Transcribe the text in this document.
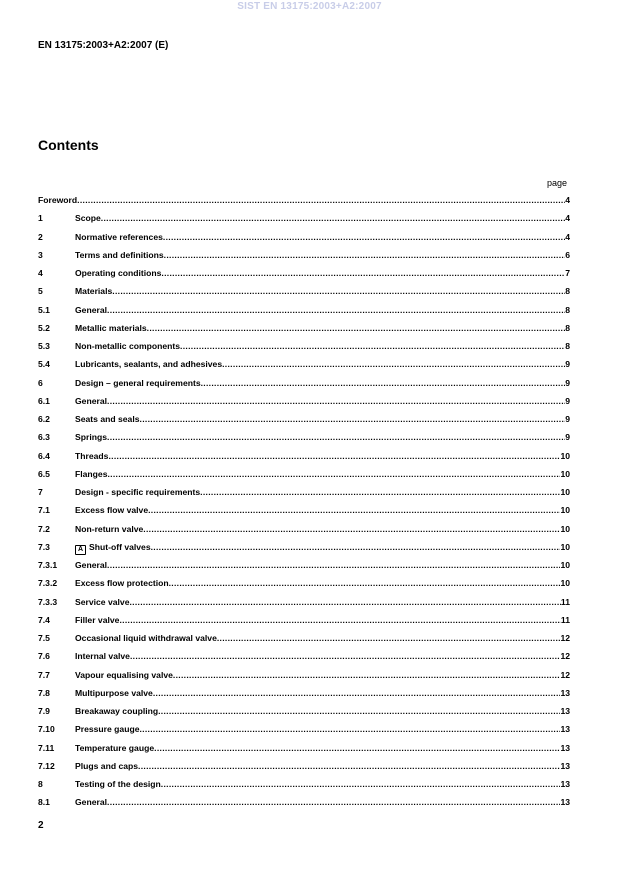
SIST EN 13175:2003+A2:2007
EN 13175:2003+A2:2007 (E)
Contents
page
Foreword .....	4
1	Scope .....	4
2	Normative references .....	4
3	Terms and definitions .....	6
4	Operating conditions .....	7
5	Materials .....	8
5.1	General .....	8
5.2	Metallic materials .....	8
5.3	Non-metallic components .....	8
5.4	Lubricants, sealants, and adhesives .....	9
6	Design – general requirements .....	9
6.1	General .....	9
6.2	Seats and seals .....	9
6.3	Springs .....	9
6.4	Threads .....	10
6.5	Flanges .....	10
7	Design - specific requirements .....	10
7.1	Excess flow valve .....	10
7.2	Non-return valve .....	10
7.3	A Shut-off valves .....	10
7.3.1 General .....	10
7.3.2 Excess flow protection .....	10
7.3.3 Service valve .....	11
7.4	Filler valve .....	11
7.5	Occasional liquid withdrawal valve .....	12
7.6	Internal valve .....	12
7.7	Vapour equalising valve .....	12
7.8	Multipurpose valve .....	13
7.9	Breakaway coupling .....	13
7.10 Pressure gauge .....	13
7.11 Temperature gauge .....	13
7.12 Plugs and caps .....	13
8	Testing of the design .....	13
8.1	General .....	13
2
